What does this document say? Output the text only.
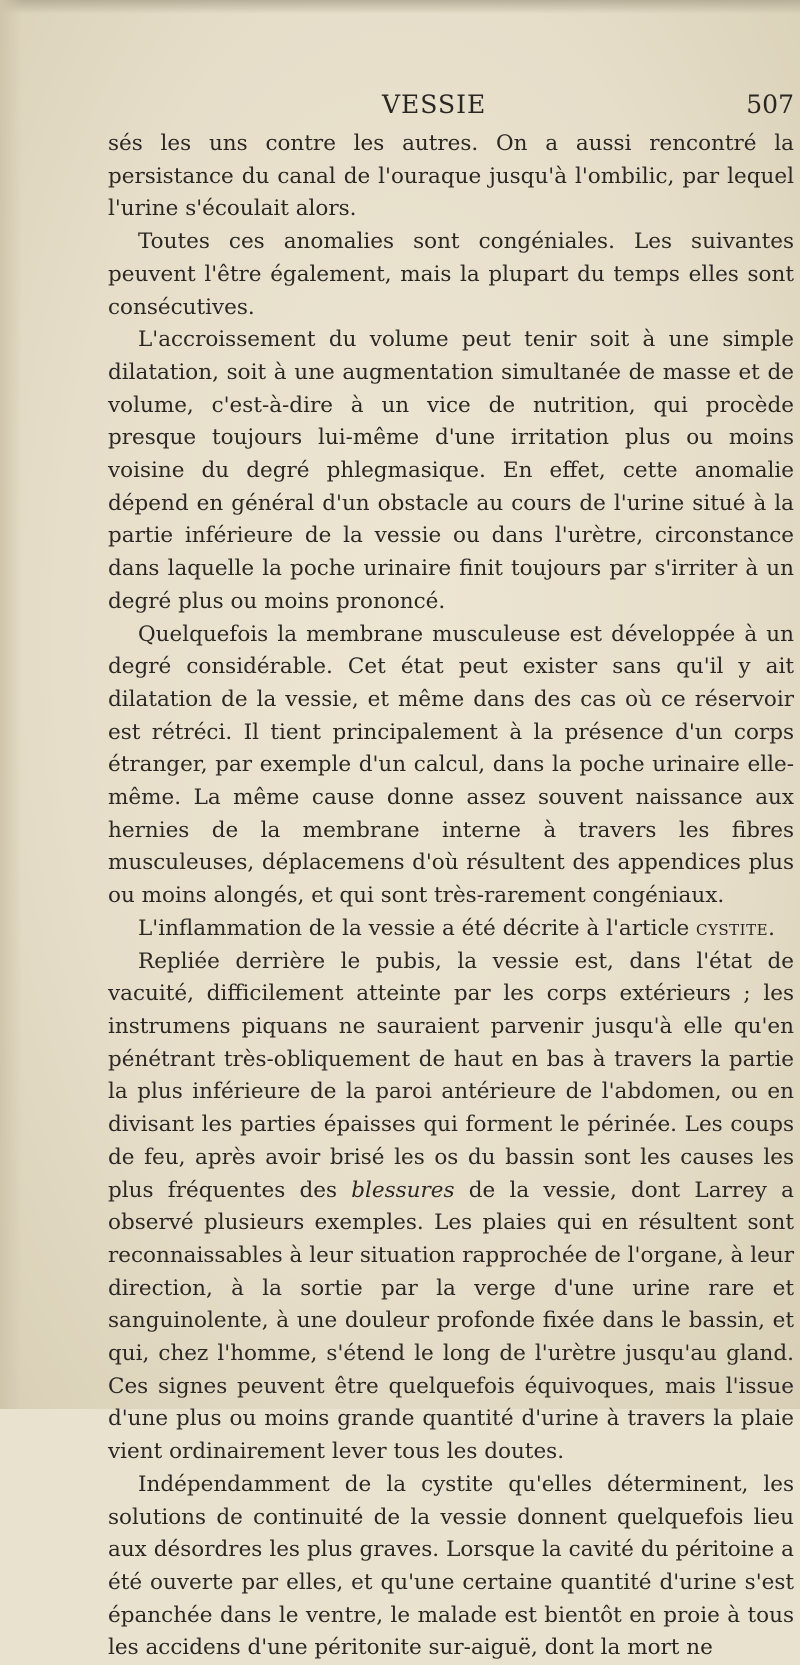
VESSIE	507

sés les uns contre les autres. On a aussi rencontré la persistance du canal de l'ouraque jusqu'à l'ombilic, par lequel l'urine s'écoulait alors.

Toutes ces anomalies sont congéniales. Les suivantes peuvent l'être également, mais la plupart du temps elles sont consécutives.

L'accroissement du volume peut tenir soit à une simple dilatation, soit à une augmentation simultanée de masse et de volume, c'est-à-dire à un vice de nutrition, qui procède presque toujours lui-même d'une irritation plus ou moins voisine du degré phlegmasique. En effet, cette anomalie dépend en général d'un obstacle au cours de l'urine situé à la partie inférieure de la vessie ou dans l'urètre, circonstance dans laquelle la poche urinaire finit toujours par s'irriter à un degré plus ou moins prononcé.

Quelquefois la membrane musculeuse est développée à un degré considérable. Cet état peut exister sans qu'il y ait dilatation de la vessie, et même dans des cas où ce réservoir est rétréci. Il tient principalement à la présence d'un corps étranger, par exemple d'un calcul, dans la poche urinaire elle-même. La même cause donne assez souvent naissance aux hernies de la membrane interne à travers les fibres musculeuses, déplacemens d'où résultent des appendices plus ou moins alongés, et qui sont très-rarement congéniaux.

L'inflammation de la vessie a été décrite à l'article cystite.

Repliée derrière le pubis, la vessie est, dans l'état de vacuité, difficilement atteinte par les corps extérieurs ; les instrumens piquans ne sauraient parvenir jusqu'à elle qu'en pénétrant très-obliquement de haut en bas à travers la partie la plus inférieure de la paroi antérieure de l'abdomen, ou en divisant les parties épaisses qui forment le périnée. Les coups de feu, après avoir brisé les os du bassin sont les causes les plus fréquentes des blessures de la vessie, dont Larrey a observé plusieurs exemples. Les plaies qui en résultent sont reconnaissables à leur situation rapprochée de l'organe, à leur direction, à la sortie par la verge d'une urine rare et sanguinolente, à une douleur profonde fixée dans le bassin, et qui, chez l'homme, s'étend le long de l'urètre jusqu'au gland. Ces signes peuvent être quelquefois équivoques, mais l'issue d'une plus ou moins grande quantité d'urine à travers la plaie vient ordinairement lever tous les doutes.

Indépendamment de la cystite qu'elles déterminent, les solutions de continuité de la vessie donnent quelquefois lieu aux désordres les plus graves. Lorsque la cavité du péritoine a été ouverte par elles, et qu'une certaine quantité d'urine s'est épanchée dans le ventre, le malade est bientôt en proie à tous les accidens d'une péritonite sur-aiguë, dont la mort ne
